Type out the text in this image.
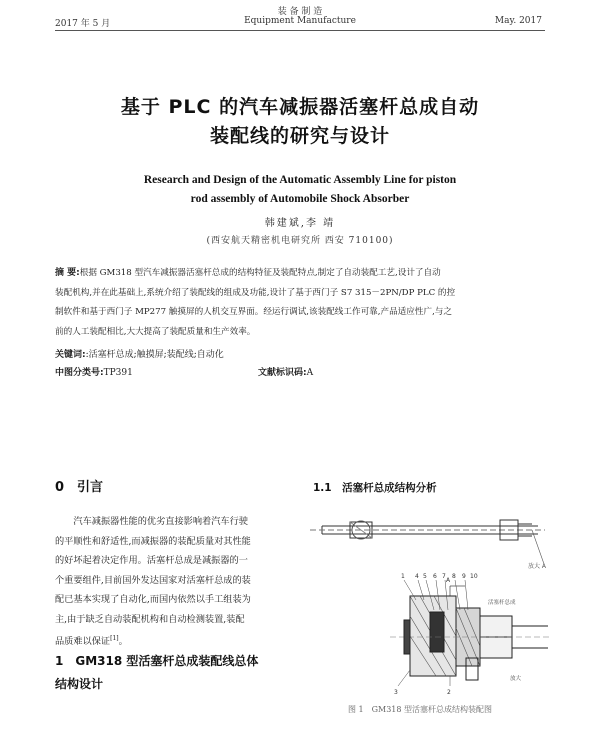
装 备 制 造
2017 年 5 月	Equipment Manufacture	May. 2017
基于 PLC 的汽车减振器活塞杆总成自动
装配线的研究与设计
Research and Design of the Automatic Assembly Line for piston
rod assembly of Automobile Shock Absorber
韩建斌,李 靖
(西安航天精密机电研究所 西安 710100)
摘 要:根据 GM318 型汽车减振器活塞杆总成的结构特征及装配特点,制定了自动装配工艺,设计了自动
装配机构,并在此基础上,系统介绍了装配线的组成及功能,设计了基于西门子 S7 315－2PN/DP PLC 的控
制软件和基于西门子 MP277 触摸屏的人机交互界面。经运行调试,该装配线工作可靠,产品适应性广,与之
前的人工装配相比,大大提高了装配质量和生产效率。
关键词::活塞杆总成;触摸屏;装配线;自动化
中图分类号:TP391	文献标识码:A
0　引言
汽车减振器性能的优劣直接影响着汽车行驶
的平顺性和舒适性,而减振器的装配质量对其性能
的好坏起着决定作用。活塞杆总成是减振器的一
个重要组件,目前国外发达国家对活塞杆总成的装
配已基本实现了自动化,而国内依然以手工组装为
主,由于缺乏自动装配机构和自动检测装置,装配
品质难以保证[1]。
1　GM318 型活塞杆总成装配线总体
结构设计
1.1　活塞杆总成结构分析
放大 A
A
活塞杆总成
放大
1 4 5 6 7 8 9 10
3	2
图 1　GM318 型活塞杆总成结构装配图
